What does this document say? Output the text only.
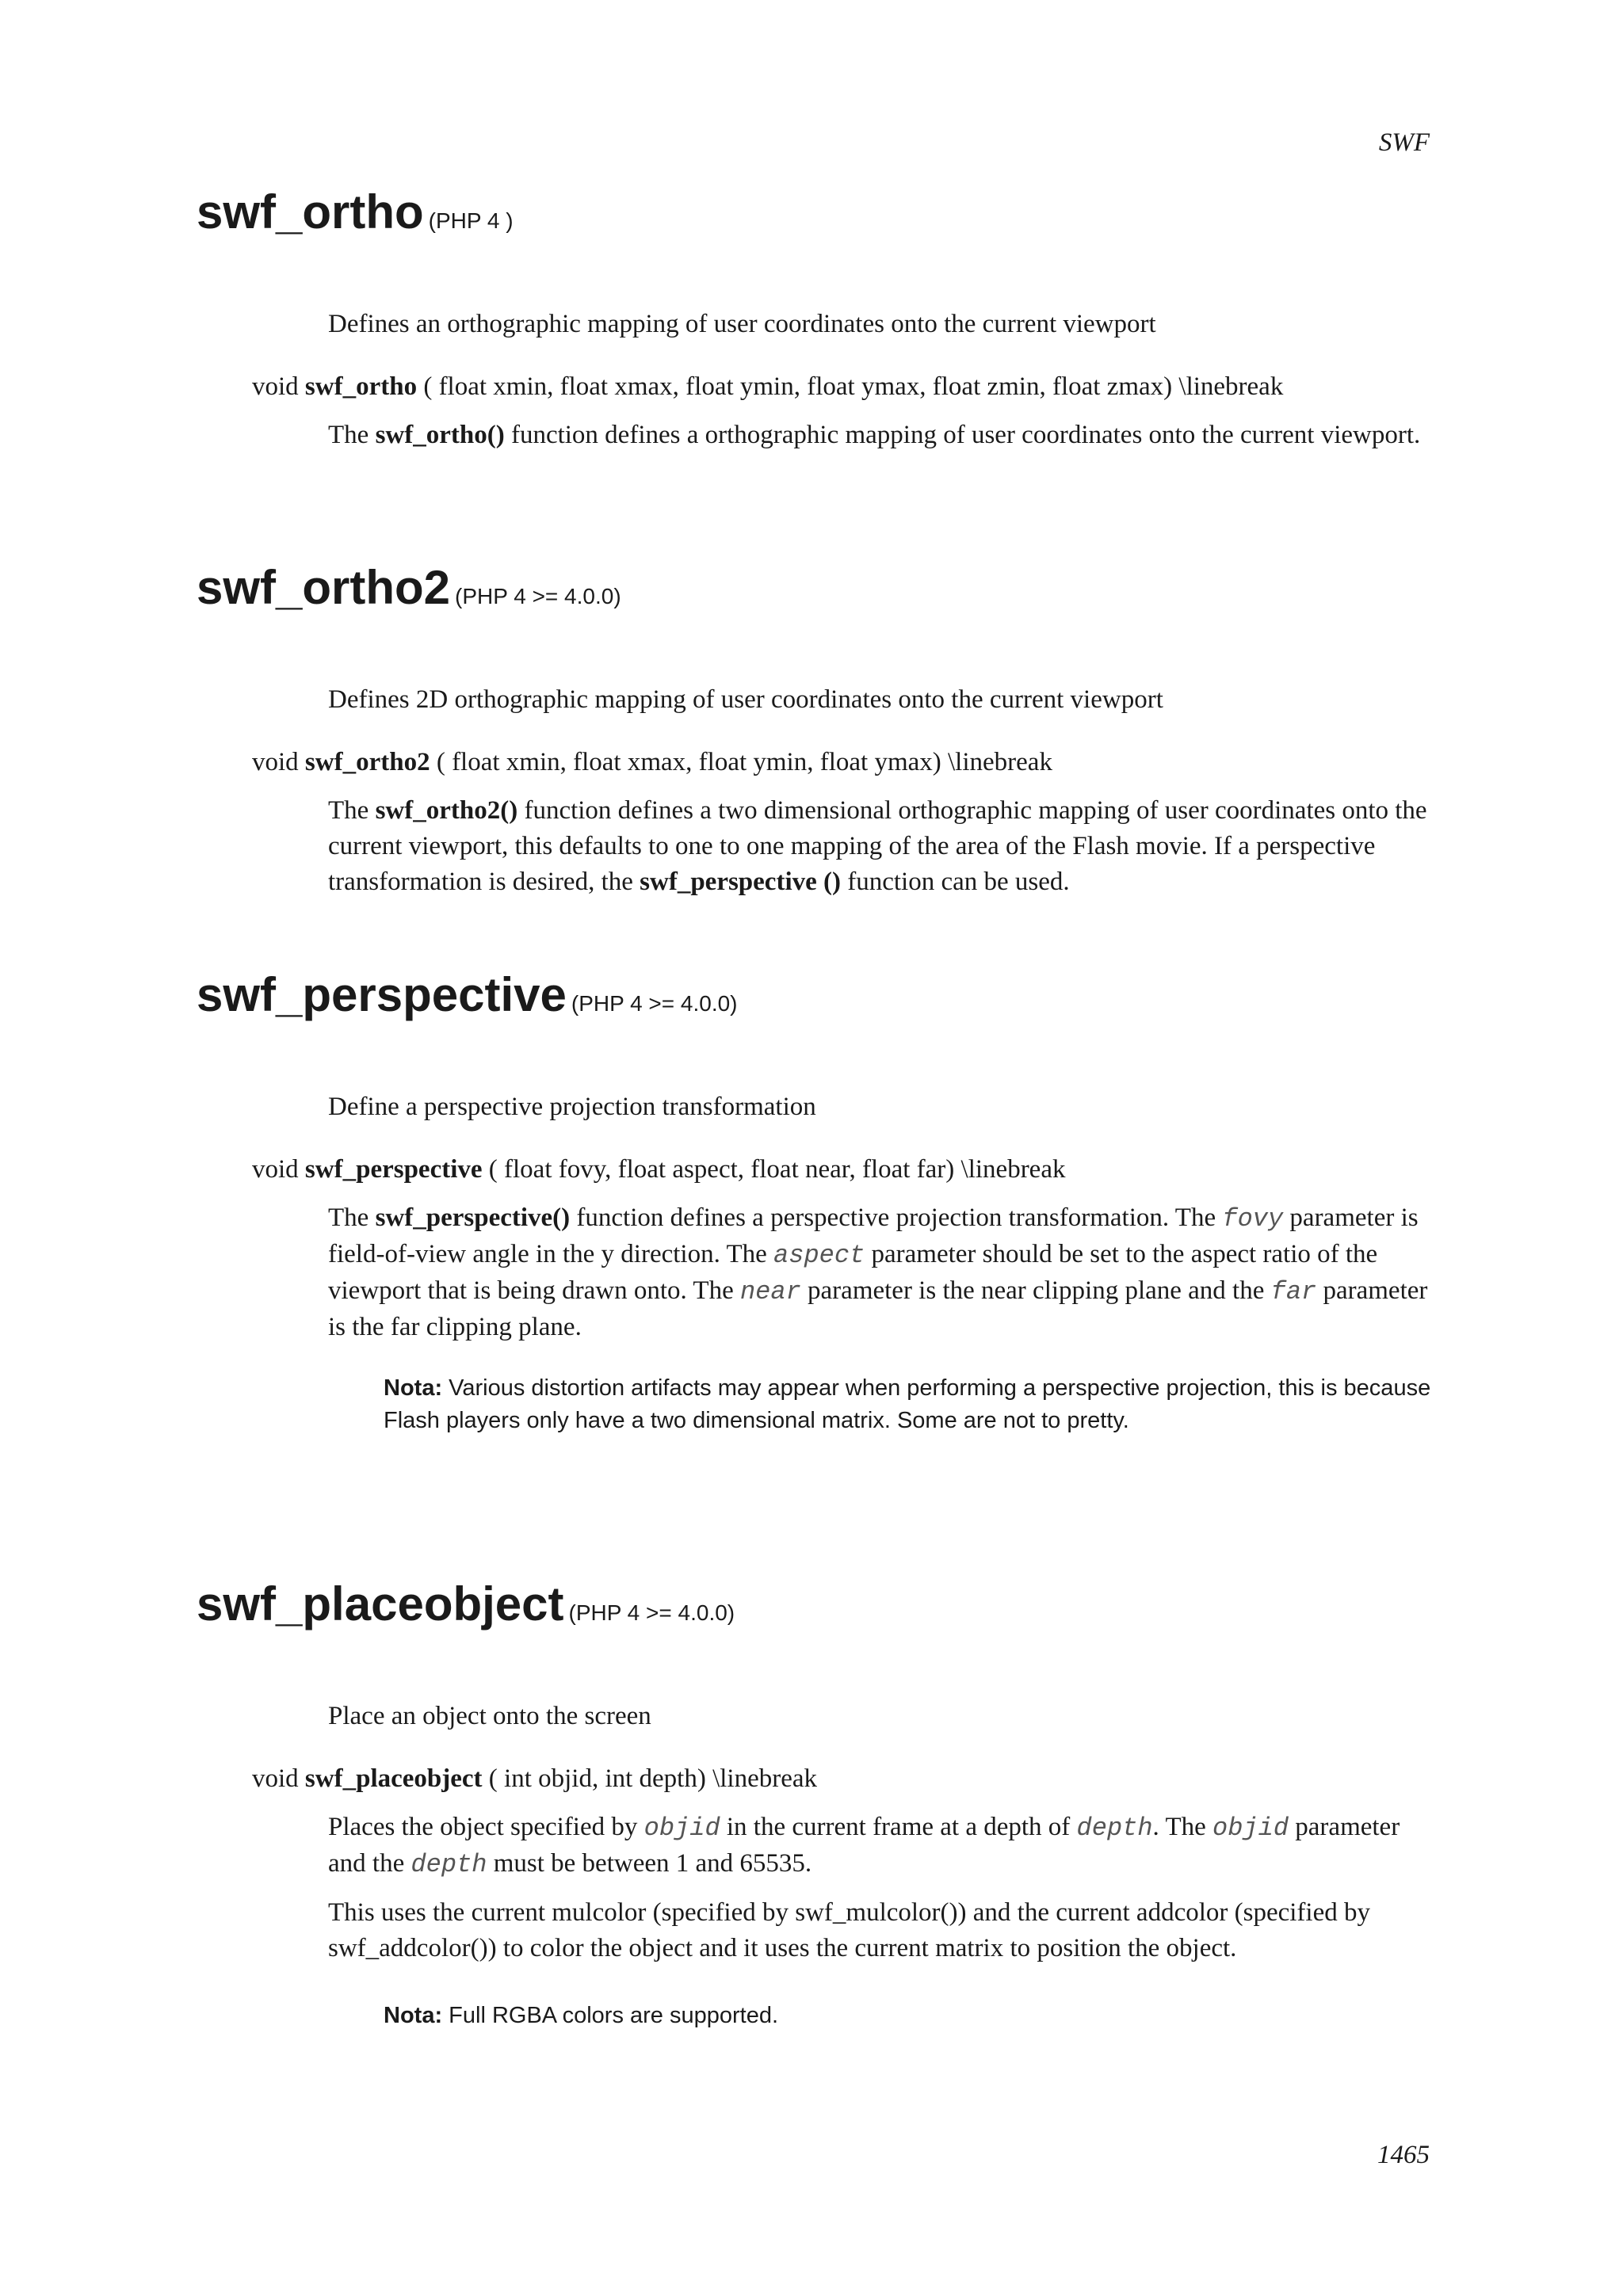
SWF
swf_ortho (PHP 4 )

Defines an orthographic mapping of user coordinates onto the current viewport

void swf_ortho ( float xmin, float xmax, float ymin, float ymax, float zmin, float zmax) \linebreak

The swf_ortho() function defines a orthographic mapping of user coordinates onto the current viewport.

swf_ortho2 (PHP 4 >= 4.0.0)

Defines 2D orthographic mapping of user coordinates onto the current viewport

void swf_ortho2 ( float xmin, float xmax, float ymin, float ymax) \linebreak

The swf_ortho2() function defines a two dimensional orthographic mapping of user coordinates onto the current viewport, this defaults to one to one mapping of the area of the Flash movie. If a perspective transformation is desired, the swf_perspective () function can be used.

swf_perspective (PHP 4 >= 4.0.0)

Define a perspective projection transformation

void swf_perspective ( float fovy, float aspect, float near, float far) \linebreak

The swf_perspective() function defines a perspective projection transformation. The fovy parameter is field-of-view angle in the y direction. The aspect parameter should be set to the aspect ratio of the viewport that is being drawn onto. The near parameter is the near clipping plane and the far parameter is the far clipping plane.

Nota: Various distortion artifacts may appear when performing a perspective projection, this is because Flash players only have a two dimensional matrix. Some are not to pretty.

swf_placeobject (PHP 4 >= 4.0.0)

Place an object onto the screen

void swf_placeobject ( int objid, int depth) \linebreak

Places the object specified by objid in the current frame at a depth of depth. The objid parameter and the depth must be between 1 and 65535.

This uses the current mulcolor (specified by swf_mulcolor()) and the current addcolor (specified by swf_addcolor()) to color the object and it uses the current matrix to position the object.

Nota: Full RGBA colors are supported.

1465
